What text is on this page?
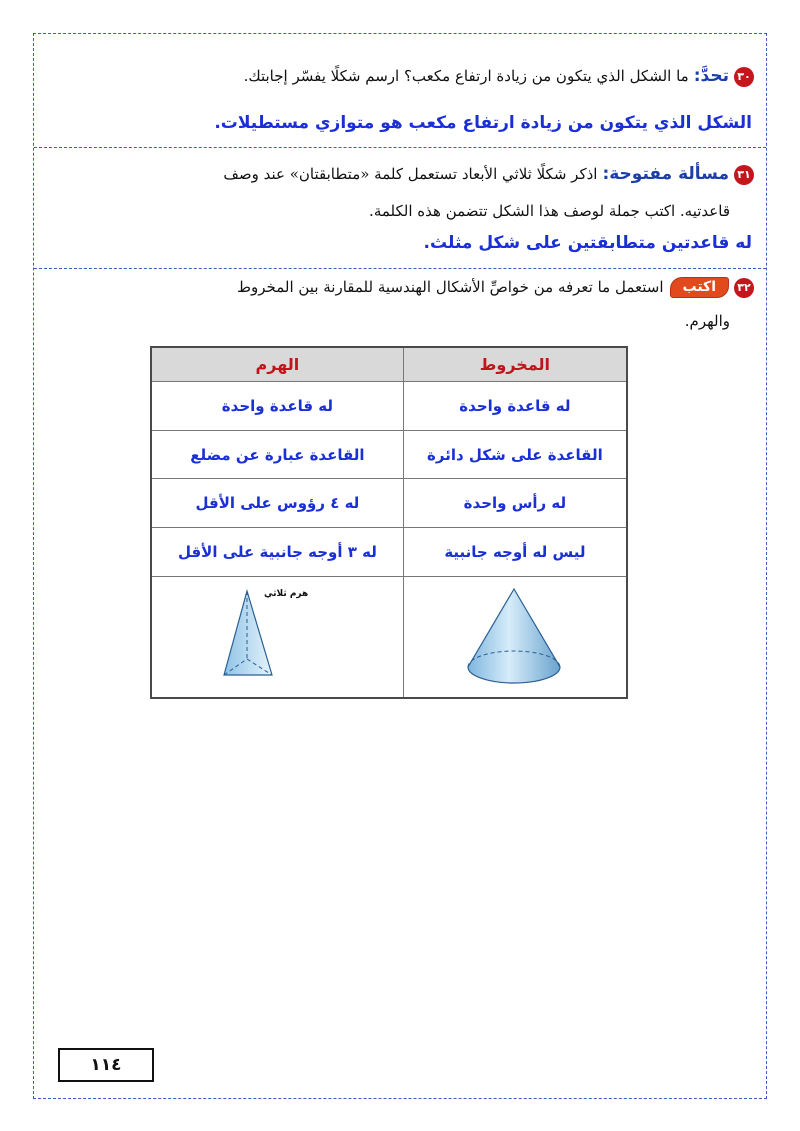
٣٠تحدَّ:ما الشكل الذي يتكون من زيادة ارتفاع مكعب؟ ارسم شكلًا يفسّر إجابتك.
الشكل الذي يتكون من زيادة ارتفاع مكعب هو متوازي مستطيلات.
٣١مسألة مفتوحة:اذكر شكلًا ثلاثي الأبعاد تستعمل كلمة «متطابقتان» عند وصف
قاعدتيه. اكتب جملة لوصف هذا الشكل تتضمن هذه الكلمة.
له قاعدتين متطابقتين على شكل مثلث.
٣٢اكتباستعمل ما تعرفه من خواصِّ الأشكال الهندسية للمقارنة بين المخروط
والهرم.
المخروط	الهرم
له قاعدة واحدة	له قاعدة واحدة
القاعدة على شكل دائرة	القاعدة عبارة عن مضلع
له رأس واحدة	له ٤ رؤوس على الأقل
ليس له أوجه جانبية	له ٣ أوجه جانبية على الأقل

هرم ثلاثي
١١٤
